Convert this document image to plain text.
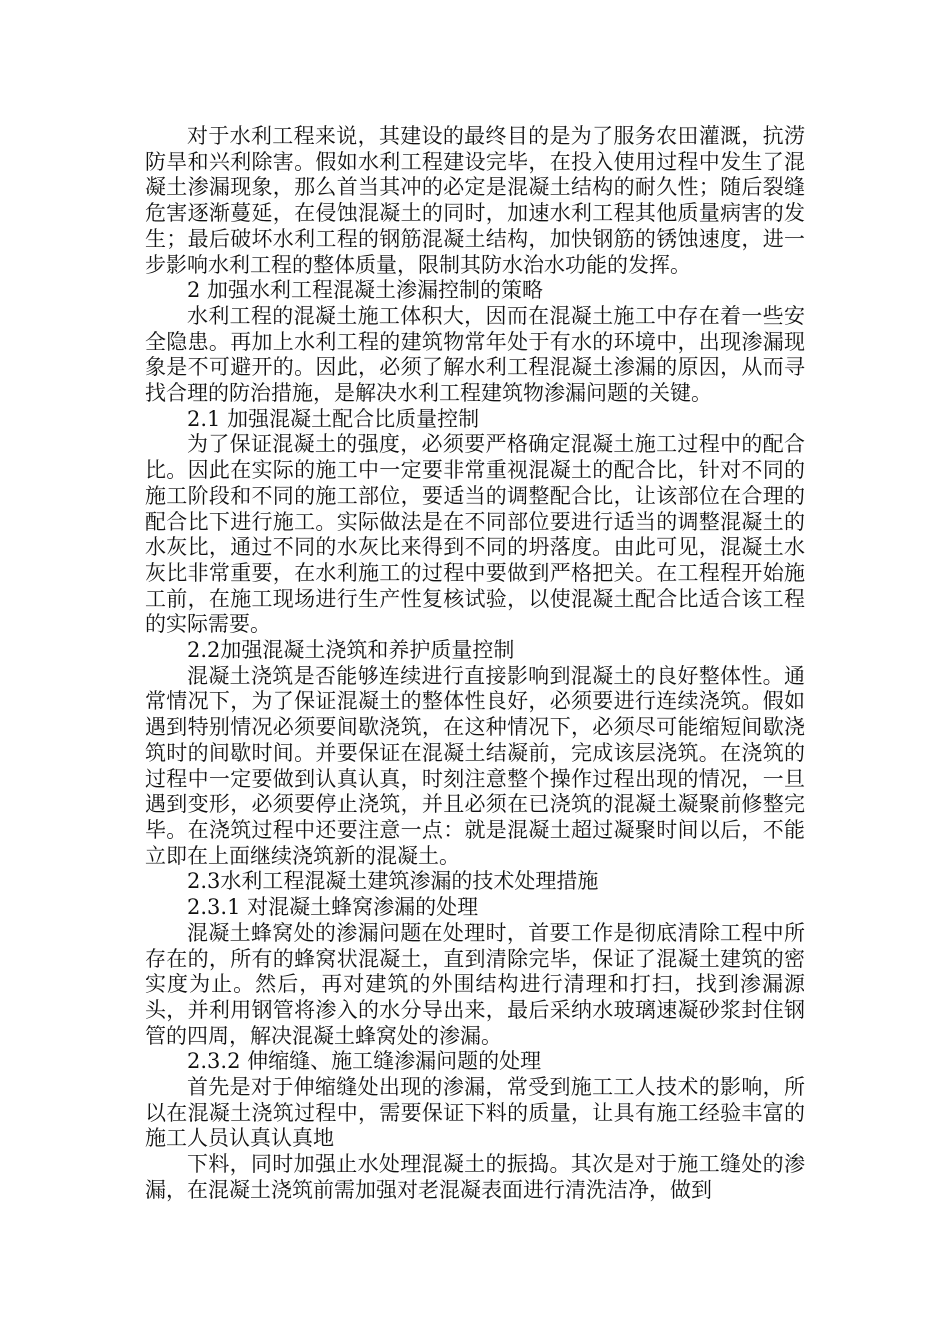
对于水利工程来说，其建设的最终目的是为了服务农田灌溉，抗涝防旱和兴利除害。假如水利工程建设完毕，在投入使用过程中发生了混凝土渗漏现象，那么首当其冲的必定是混凝土结构的耐久性；随后裂缝危害逐渐蔓延，在侵蚀混凝土的同时，加速水利工程其他质量病害的发生；最后破坏水利工程的钢筋混凝土结构，加快钢筋的锈蚀速度，进一步影响水利工程的整体质量，限制其防水治水功能的发挥。

2 加强水利工程混凝土渗漏控制的策略

水利工程的混凝土施工体积大，因而在混凝土施工中存在着一些安全隐患。再加上水利工程的建筑物常年处于有水的环境中，出现渗漏现象是不可避开的。因此，必须了解水利工程混凝土渗漏的原因，从而寻找合理的防治措施，是解决水利工程建筑物渗漏问题的关键。

2.1 加强混凝土配合比质量控制

为了保证混凝土的强度，必须要严格确定混凝土施工过程中的配合比。因此在实际的施工中一定要非常重视混凝土的配合比，针对不同的施工阶段和不同的施工部位，要适当的调整配合比，让该部位在合理的配合比下进行施工。实际做法是在不同部位要进行适当的调整混凝土的水灰比，通过不同的水灰比来得到不同的坍落度。由此可见，混凝土水灰比非常重要，在水利施工的过程中要做到严格把关。在工程程开始施工前，在施工现场进行生产性复核试验，以使混凝土配合比适合该工程的实际需要。

2.2加强混凝土浇筑和养护质量控制

混凝土浇筑是否能够连续进行直接影响到混凝土的良好整体性。通常情况下，为了保证混凝土的整体性良好，必须要进行连续浇筑。假如遇到特别情况必须要间歇浇筑，在这种情况下，必须尽可能缩短间歇浇筑时的间歇时间。并要保证在混凝土结凝前，完成该层浇筑。在浇筑的过程中一定要做到认真认真，时刻注意整个操作过程出现的情况，一旦遇到变形，必须要停止浇筑，并且必须在已浇筑的混凝土凝聚前修整完毕。在浇筑过程中还要注意一点：就是混凝土超过凝聚时间以后，不能立即在上面继续浇筑新的混凝土。

2.3水利工程混凝土建筑渗漏的技术处理措施

2.3.1 对混凝土蜂窝渗漏的处理

混凝土蜂窝处的渗漏问题在处理时，首要工作是彻底清除工程中所存在的，所有的蜂窝状混凝土，直到清除完毕，保证了混凝土建筑的密实度为止。然后，再对建筑的外围结构进行清理和打扫，找到渗漏源头，并利用钢管将渗入的水分导出来，最后采纳水玻璃速凝砂浆封住钢管的四周，解决混凝土蜂窝处的渗漏。

2.3.2 伸缩缝、施工缝渗漏问题的处理

首先是对于伸缩缝处出现的渗漏，常受到施工工人技术的影响，所以在混凝土浇筑过程中，需要保证下料的质量，让具有施工经验丰富的施工人员认真认真地

下料，同时加强止水处理混凝土的振捣。其次是对于施工缝处的渗漏，在混凝土浇筑前需加强对老混凝表面进行清洗洁净，做到
